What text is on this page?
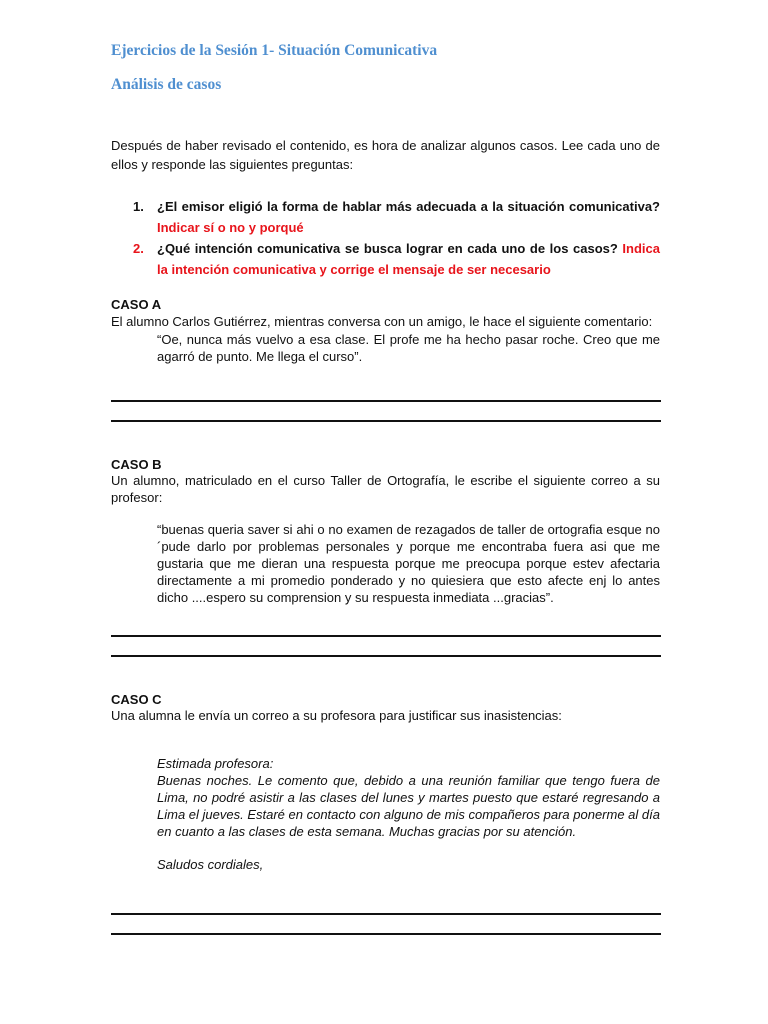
Ejercicios de la Sesión 1- Situación Comunicativa
Análisis de casos
Después de haber revisado el contenido, es hora de analizar algunos casos. Lee cada uno de ellos y responde las siguientes preguntas:
1. ¿El emisor eligió la forma de hablar más adecuada a la situación comunicativa? Indicar sí o no y porqué
2. ¿Qué intención comunicativa se busca lograr en cada uno de los casos? Indica la intención comunicativa y corrige el mensaje de ser necesario
CASO A
El alumno Carlos Gutiérrez, mientras conversa con un amigo, le hace el siguiente comentario:
“Oe, nunca más vuelvo a esa clase. El profe me ha hecho pasar roche. Creo que me agarró de punto. Me llega el curso”.
CASO B
Un alumno, matriculado en el curso Taller de Ortografía, le escribe el siguiente correo a su profesor:
“buenas queria saver si ahi o no examen de rezagados de taller de ortografia esque no ´pude darlo por problemas personales y porque me encontraba fuera asi que me gustaria que me dieran una respuesta porque me preocupa porque estev afectaria directamente a mi promedio ponderado y no quiesiera que esto afecte enj lo antes dicho ....espero su comprension y su respuesta inmediata ...gracias”.
CASO C
Una alumna le envía un correo a su profesora para justificar sus inasistencias:
Estimada profesora:
Buenas noches. Le comento que, debido a una reunión familiar que tengo fuera de Lima, no podré asistir a las clases del lunes y martes puesto que estaré regresando a Lima el jueves. Estaré en contacto con alguno de mis compañeros para ponerme al día en cuanto a las clases de esta semana. Muchas gracias por su atención.
Saludos cordiales,
